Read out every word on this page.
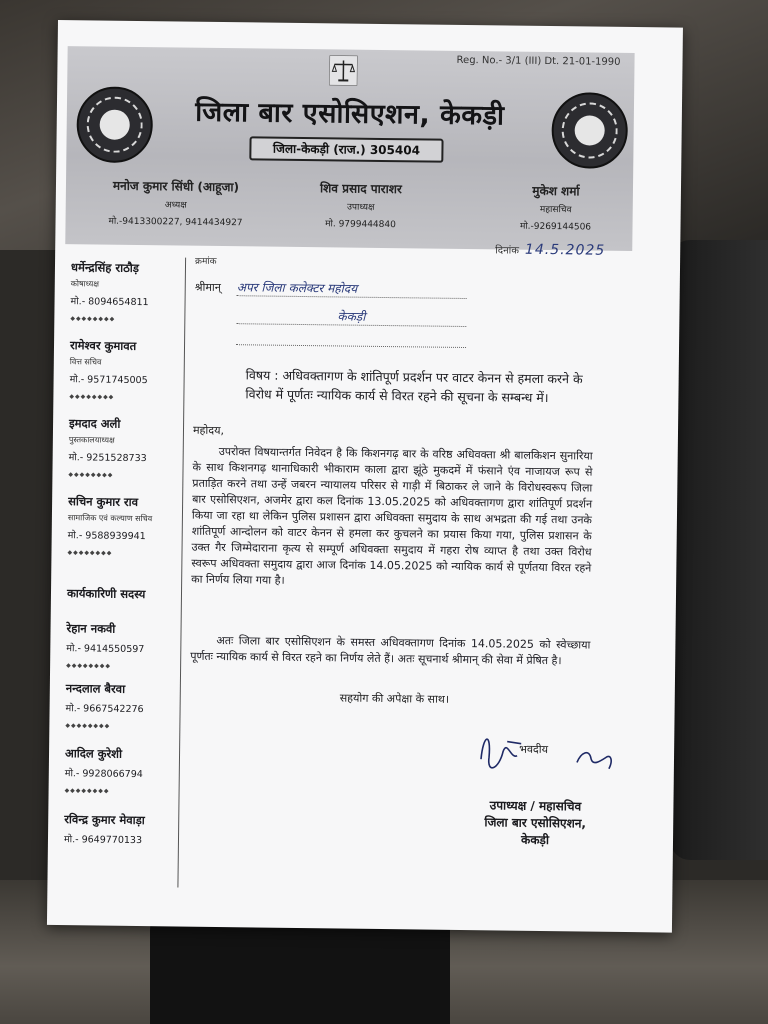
Reg. No.- 3/1 (III) Dt. 21-01-1990
जिला बार एसोसिएशन, केकड़ी
जिला-केकड़ी (राज.) 305404
मनोज कुमार सिंधी (आहूजा)
अध्यक्ष
मो.-9413300227, 9414434927
शिव प्रसाद पाराशर
उपाध्यक्ष
मो. 9799444840
मुकेश शर्मा
महासचिव
मो.-9269144506
धर्मेन्द्रसिंह राठौड़
कोषाध्यक्ष
मो.- 8094654811
◆◆◆◆◆◆◆◆
रामेश्वर कुमावत
वित्त सचिव
मो.- 9571745005
◆◆◆◆◆◆◆◆
इमदाद अली
पुस्तकालयाध्यक्ष
मो.- 9251528733
◆◆◆◆◆◆◆◆
सचिन कुमार राव
सामाजिक एवं कल्याण सचिव
मो.- 9588939941
◆◆◆◆◆◆◆◆
कार्यकारिणी सदस्य
रेहान नकवी
मो.- 9414550597
◆◆◆◆◆◆◆◆
नन्दलाल बैरवा
मो.- 9667542276
◆◆◆◆◆◆◆◆
आदिल कुरेशी
मो.- 9928066794
◆◆◆◆◆◆◆◆
रविन्द्र कुमार मेवाड़ा
मो.- 9649770133
दिनांक 14.5.2025
क्रमांक
श्रीमान् अपर जिला कलेक्टर महोदय
केकड़ी

विषय : अधिवक्तागण के शांतिपूर्ण प्रदर्शन पर वाटर केनन से हमला करने के विरोध में पूर्णतः न्यायिक कार्य से विरत रहने की सूचना के सम्बन्ध में।
महोदय,
उपरोक्त विषयान्तर्गत निवेदन है कि किशनगढ़ बार के वरिष्ठ अधिवक्ता श्री बालकिशन सुनारिया के साथ किशनगढ़ थानाधिकारी भीकाराम काला द्वारा झूंठे मुकदमें में फंसाने एंव नाजायज रूप से प्रताड़ित करने तथा उन्हें जबरन न्यायालय परिसर से गाड़ी में बिठाकर ले जाने के विरोधस्वरूप जिला बार एसोसिएशन, अजमेर द्वारा कल दिनांक 13.05.2025 को अधिवक्तागण द्वारा शांतिपूर्ण प्रदर्शन किया जा रहा था लेकिन पुलिस प्रशासन द्वारा अधिवक्ता समुदाय के साथ अभद्रता की गई तथा उनके शांतिपूर्ण आन्दोलन को वाटर केनन से हमला कर कुचलने का प्रयास किया गया, पुलिस प्रशासन के उक्त गैर जिम्मेदाराना कृत्य से सम्पूर्ण अधिवक्ता समुदाय में गहरा रोष व्याप्त है तथा उक्त विरोध स्वरूप अधिवक्ता समुदाय द्वारा आज दिनांक 14.05.2025 को न्यायिक कार्य से पूर्णतया विरत रहने का निर्णय लिया गया है।
अतः जिला बार एसोसिएशन के समस्त अधिवक्तागण दिनांक 14.05.2025 को स्वेच्छाया पूर्णतः न्यायिक कार्य से विरत रहने का निर्णय लेते हैं। अतः सूचनार्थ श्रीमान् की सेवा में प्रेषित है।
सहयोग की अपेक्षा के साथ।
भवदीय
उपाध्यक्ष / महासचिव
जिला बार एसोसिएशन,
केकड़ी
